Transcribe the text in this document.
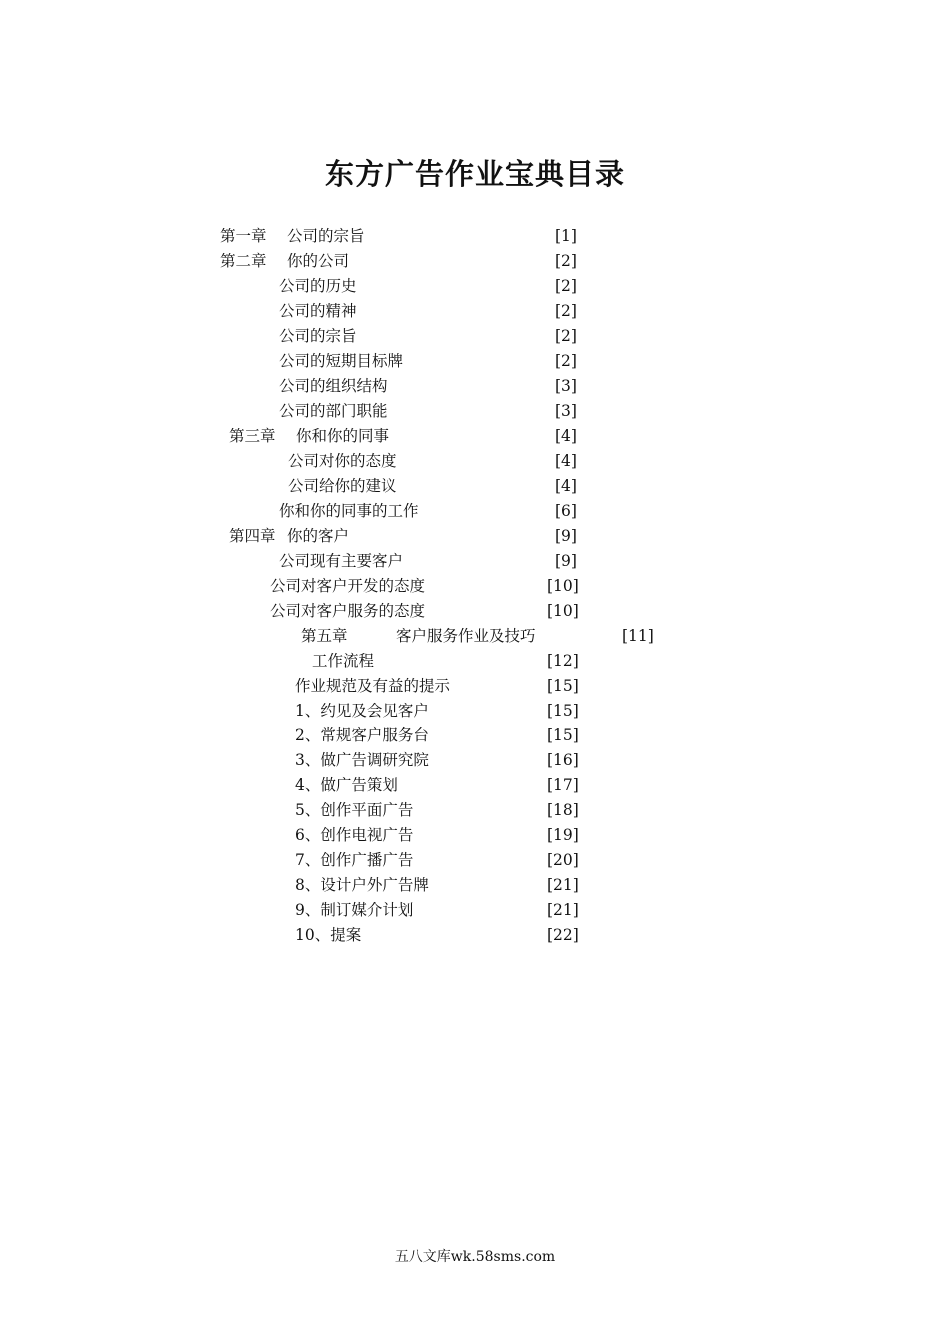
东方广告作业宝典目录
第一章 公司的宗旨	[1]
第二章 你的公司	[2]
公司的历史	[2]
公司的精神	[2]
公司的宗旨	[2]
公司的短期目标牌	[2]
公司的组织结构	[3]
公司的部门职能	[3]
第三章 你和你的同事	[4]
公司对你的态度	[4]
公司给你的建议	[4]
你和你的同事的工作	[6]
第四章 你的客户	[9]
公司现有主要客户	[9]
公司对客户开发的态度	[10]
公司对客户服务的态度	[10]
第五章	客户服务作业及技巧	[11]
工作流程	[12]
作业规范及有益的提示	[15]
1、约见及会见客户	[15]
2、常规客户服务台	[15]
3、做广告调研究院	[16]
4、做广告策划	[17]
5、创作平面广告	[18]
6、创作电视广告	[19]
7、创作广播广告	[20]
8、设计户外广告牌	[21]
9、制订媒介计划	[21]
10、提案	[22]
五八文库wk.58sms.com
